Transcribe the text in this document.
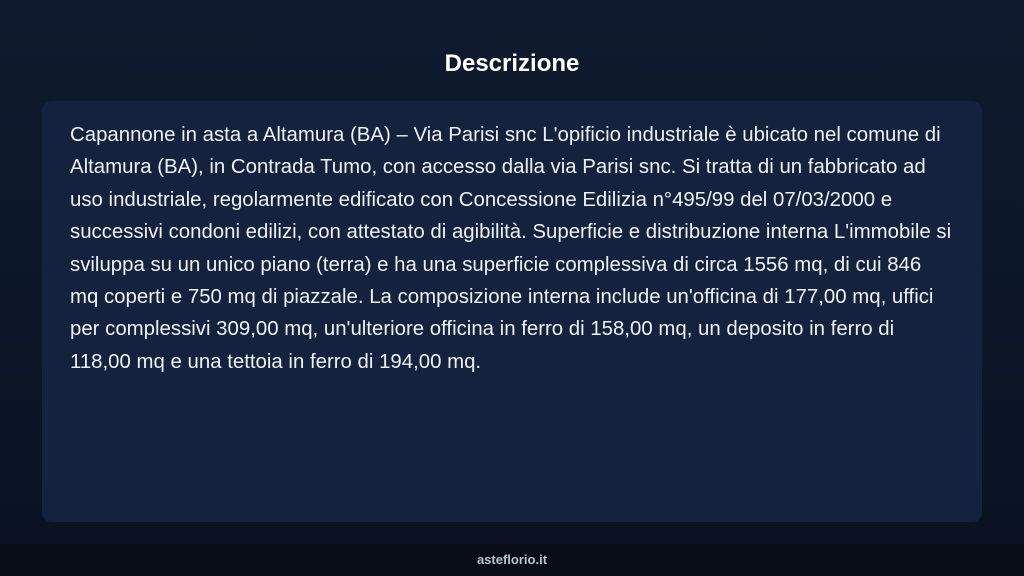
Descrizione

Capannone in asta a Altamura (BA) – Via Parisi snc L'opificio industriale è ubicato nel comune di Altamura (BA), in Contrada Tumo, con accesso dalla via Parisi snc. Si tratta di un fabbricato ad uso industriale, regolarmente edificato con Concessione Edilizia n°495/99 del 07/03/2000 e successivi condoni edilizi, con attestato di agibilità. Superficie e distribuzione interna L'immobile si sviluppa su un unico piano (terra) e ha una superficie complessiva di circa 1556 mq, di cui 846 mq coperti e 750 mq di piazzale. La composizione interna include un'officina di 177,00 mq, uffici per complessivi 309,00 mq, un'ulteriore officina in ferro di 158,00 mq, un deposito in ferro di 118,00 mq e una tettoia in ferro di 194,00 mq.

asteflorio.it
